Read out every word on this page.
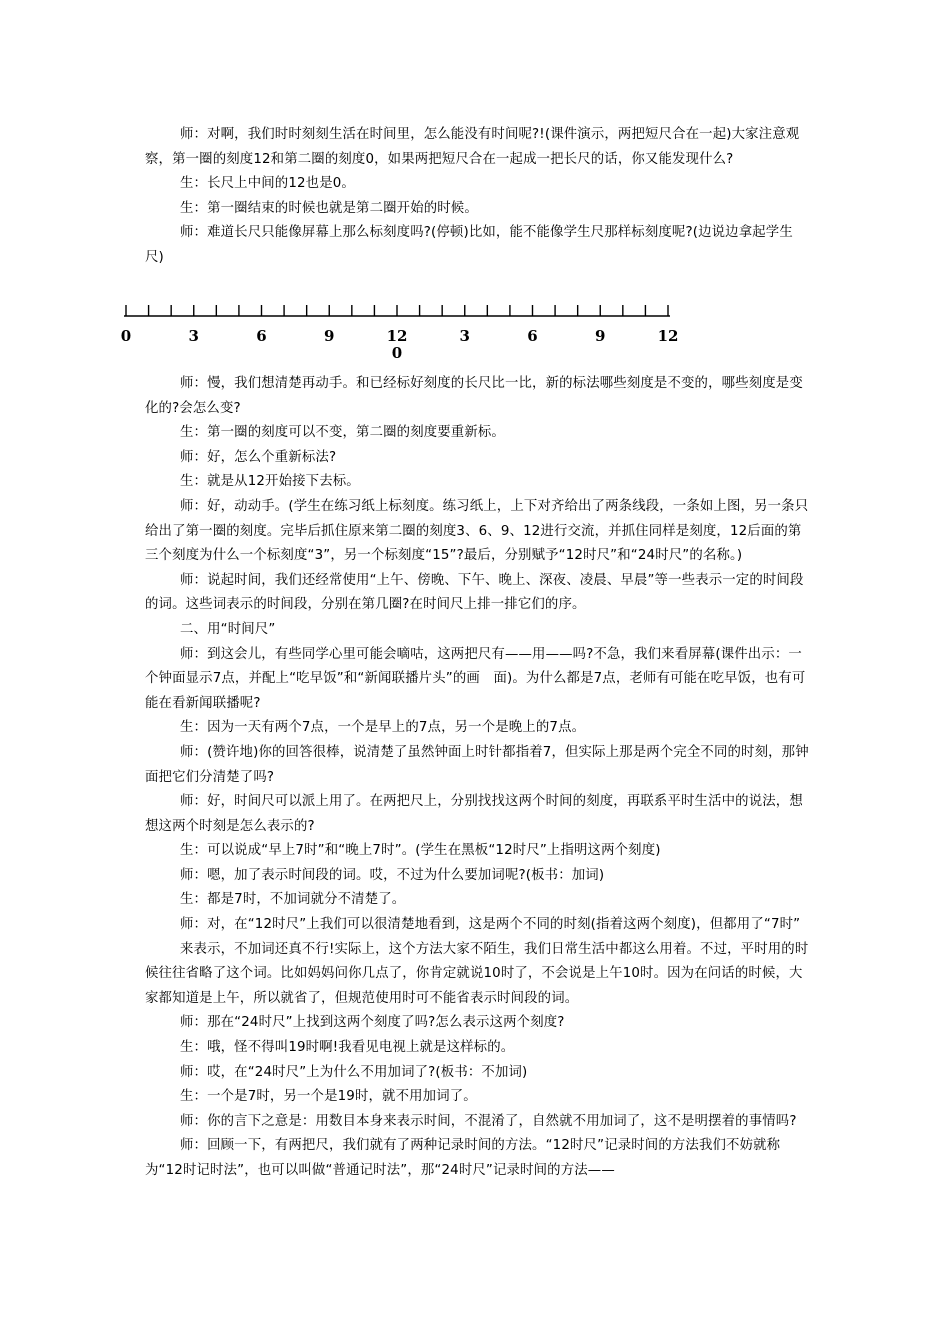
师：对啊，我们时时刻刻生活在时间里，怎么能没有时间呢?!(课件演示，两把短尺合在一起)大家注意观察，第一圈的刻度12和第二圈的刻度0，如果两把短尺合在一起成一把长尺的话，你又能发现什么?

生：长尺上中间的12也是0。

生：第一圈结束的时候也就是第二圈开始的时候。

师：难道长尺只能像屏幕上那么标刻度吗?(停顿)比如，能不能像学生尺那样标刻度呢?(边说边拿起学生尺)

0	3	6	9	12	3	6	9	12
0

师：慢，我们想清楚再动手。和已经标好刻度的长尺比一比，新的标法哪些刻度是不变的，哪些刻度是变化的?会怎么变?

生：第一圈的刻度可以不变，第二圈的刻度要重新标。

师：好，怎么个重新标法?

生：就是从12开始接下去标。

师：好，动动手。(学生在练习纸上标刻度。练习纸上，上下对齐给出了两条线段，一条如上图，另一条只给出了第一圈的刻度。完毕后抓住原来第二圈的刻度3、6、9、12进行交流，并抓住同样是刻度，12后面的第三个刻度为什么一个标刻度“3”，另一个标刻度“15”?最后，分别赋予“12时尺”和“24时尺”的名称。)

师：说起时间，我们还经常使用“上午、傍晚、下午、晚上、深夜、凌晨、早晨”等一些表示一定的时间段的词。这些词表示的时间段，分别在第几圈?在时间尺上排一排它们的序。

二、用“时间尺”

师：到这会儿，有些同学心里可能会嘀咕，这两把尺有——用——吗?不急，我们来看屏幕(课件出示：一个钟面显示7点，并配上“吃早饭”和“新闻联播片头”的画　面)。为什么都是7点，老师有可能在吃早饭，也有可能在看新闻联播呢?

生：因为一天有两个7点，一个是早上的7点，另一个是晚上的7点。

师：(赞许地)你的回答很棒，说清楚了虽然钟面上时针都指着7，但实际上那是两个完全不同的时刻，那钟面把它们分清楚了吗?

师：好，时间尺可以派上用了。在两把尺上，分别找找这两个时间的刻度，再联系平时生活中的说法，想想这两个时刻是怎么表示的?

生：可以说成“早上7时”和“晚上7时”。(学生在黑板“12时尺”上指明这两个刻度)

师：嗯，加了表示时间段的词。哎，不过为什么要加词呢?(板书：加词)

生：都是7时，不加词就分不清楚了。

师：对，在“12时尺”上我们可以很清楚地看到，这是两个不同的时刻(指着这两个刻度)，但都用了“7时”

来表示，不加词还真不行!实际上，这个方法大家不陌生，我们日常生活中都这么用着。不过，平时用的时候往往省略了这个词。比如妈妈问你几点了，你肯定就说10时了，不会说是上午10时。因为在问话的时候，大家都知道是上午，所以就省了，但规范使用时可不能省表示时间段的词。

师：那在“24时尺”上找到这两个刻度了吗?怎么表示这两个刻度?

生：哦，怪不得叫19时啊!我看见电视上就是这样标的。

师：哎，在“24时尺”上为什么不用加词了?(板书：不加词)

生：一个是7时，另一个是19时，就不用加词了。

师：你的言下之意是：用数目本身来表示时间，不混淆了，自然就不用加词了，这不是明摆着的事情吗?

师：回顾一下，有两把尺，我们就有了两种记录时间的方法。“12时尺”记录时间的方法我们不妨就称为“12时记时法”，也可以叫做“普通记时法”，那“24时尺”记录时间的方法——
